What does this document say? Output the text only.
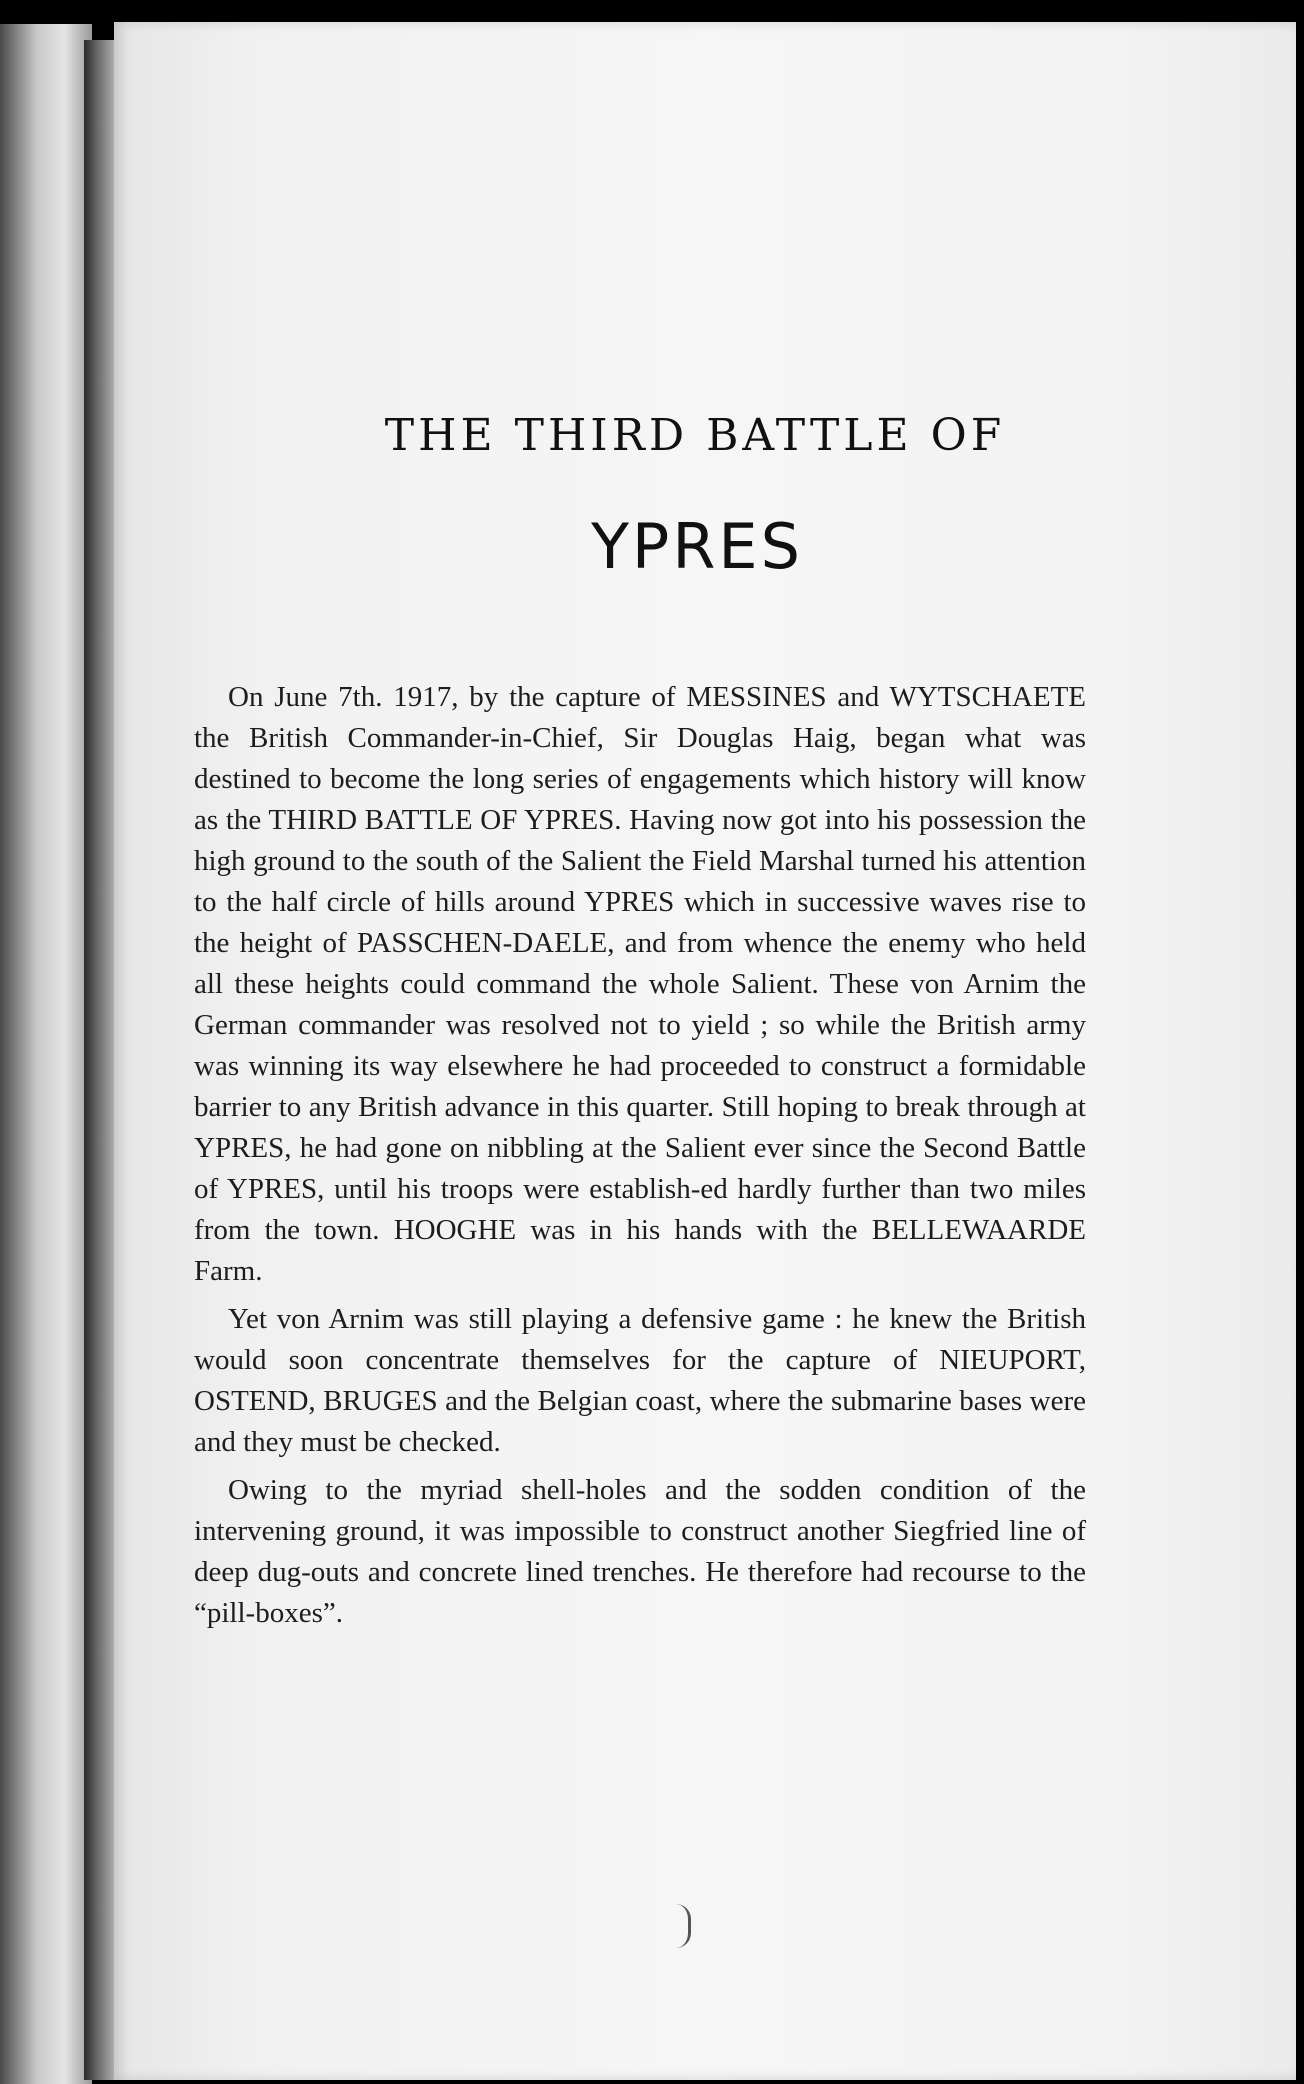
THE THIRD BATTLE OF
YPRES

On June 7th. 1917, by the capture of MESSINES and WYTSCHAETE the British Commander-in-Chief, Sir Douglas Haig, began what was destined to become the long series of engagements which history will know as the THIRD BATTLE OF YPRES. Having now got into his possession the high ground to the south of the Salient the Field Marshal turned his attention to the half circle of hills around YPRES which in successive waves rise to the height of PASSCHEN-DAELE, and from whence the enemy who held all these heights could command the whole Salient. These von Arnim the German commander was resolved not to yield ; so while the British army was winning its way elsewhere he had proceeded to construct a formidable barrier to any British advance in this quarter. Still hoping to break through at YPRES, he had gone on nibbling at the Salient ever since the Second Battle of YPRES, until his troops were establish-ed hardly further than two miles from the town. HOOGHE was in his hands with the BELLEWAARDE Farm.

Yet von Arnim was still playing a defensive game : he knew the British would soon concentrate themselves for the capture of NIEUPORT, OSTEND, BRUGES and the Belgian coast, where the submarine bases were and they must be checked.

Owing to the myriad shell-holes and the sodden condition of the intervening ground, it was impossible to construct another Siegfried line of deep dug-outs and concrete lined trenches. He therefore had recourse to the “pill-boxes”.
